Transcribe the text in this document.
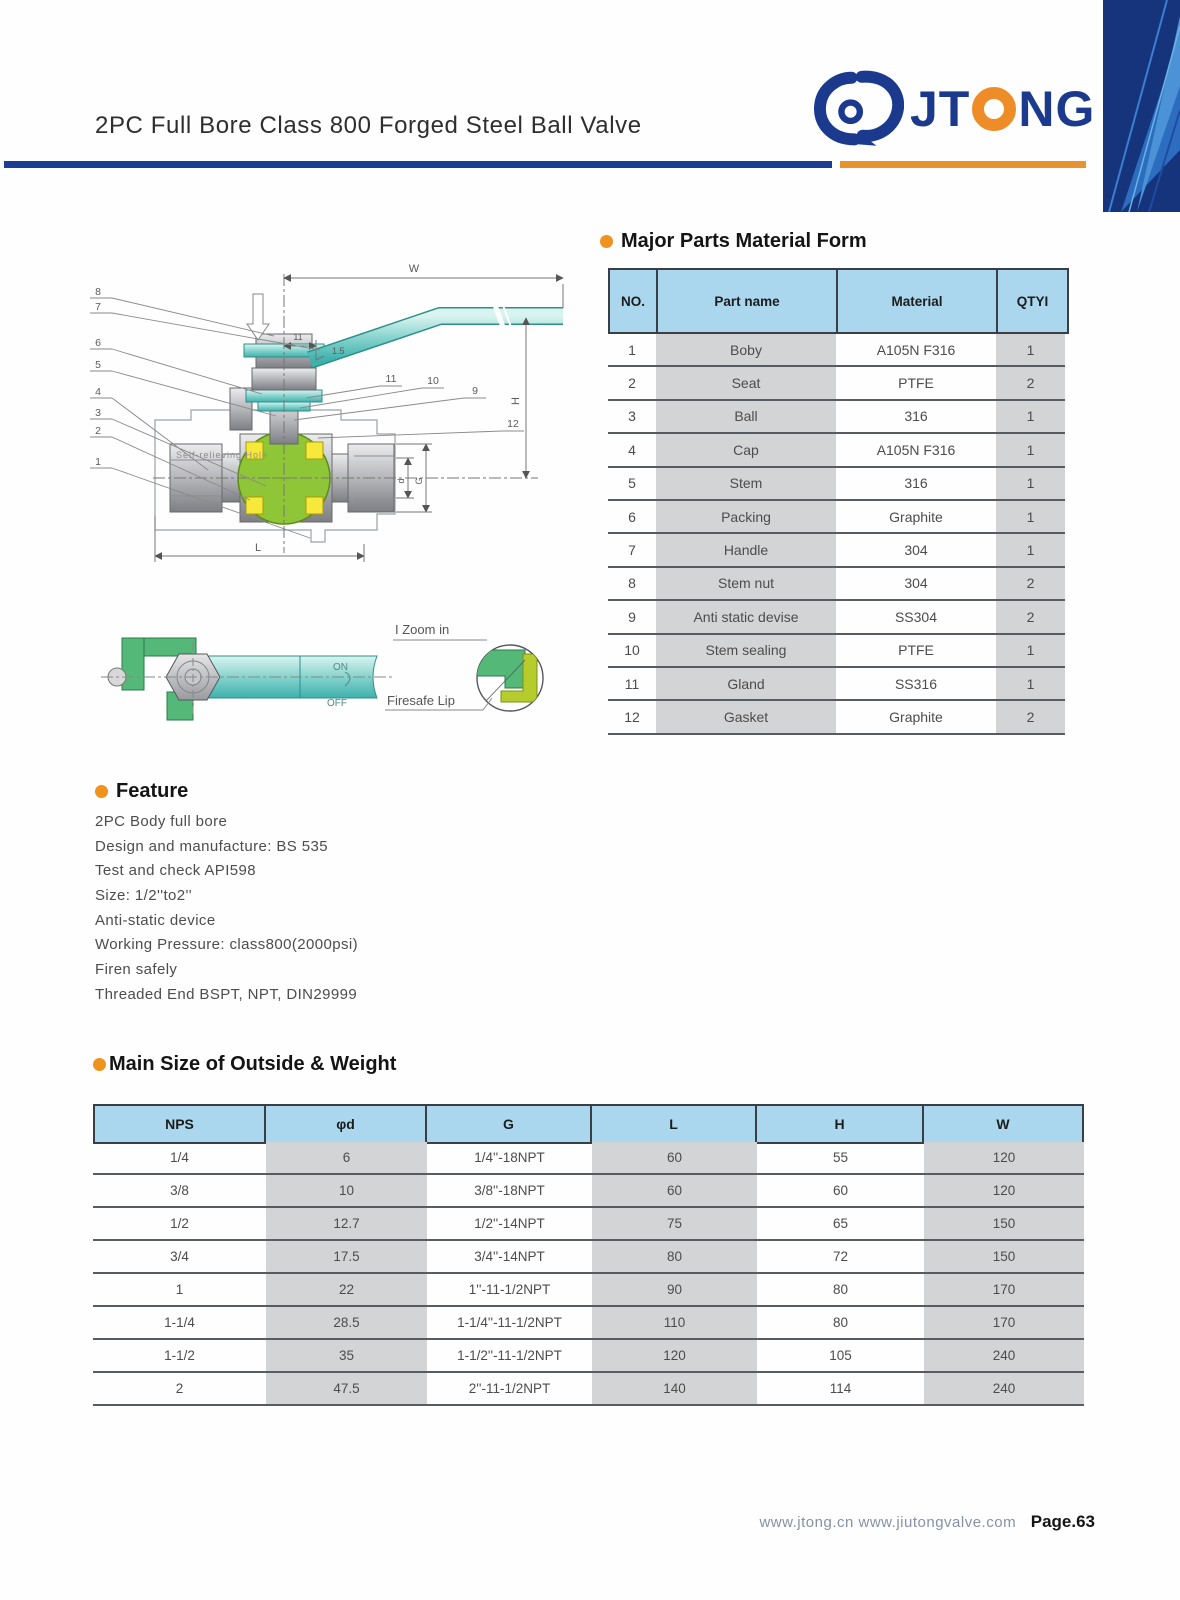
2PC Full Bore Class 800 Forged Steel Ball Valve	JT NG
W
H
L
d G
11
1.5
Self-relieving Hole
8
7
6
5
4
3
2
1
11	10
9
12
ON
OFF
I Zoom in
Firesafe Lip
Major Parts Material Form
NO.	Part name	Material	QTYI
1	Boby	A105N F316	1
2	Seat	PTFE	2
3	Ball	316	1
4	Cap	A105N F316	1
5	Stem	316	1
6	Packing	Graphite	1
7	Handle	304	1
8	Stem nut	304	2
9	Anti static devise	SS304	2
10	Stem sealing	PTFE	1
11	Gland	SS316	1
12	Gasket	Graphite	2
Feature
2PC Body full bore
Design and manufacture: BS 535
Test and check API598
Size: 1/2''to2''
Anti-static device
Working Pressure: class800(2000psi)
Firen safely
Threaded End BSPT, NPT, DIN29999
Main Size of Outside & Weight
NPS	φd	G	L	H	W
1/4	6	1/4''-18NPT	60	55	120
3/8	10	3/8''-18NPT	60	60	120
1/2	12.7	1/2''-14NPT	75	65	150
3/4	17.5	3/4''-14NPT	80	72	150
1	22	1''-11-1/2NPT	90	80	170
1-1/4	28.5	1-1/4''-11-1/2NPT	110	80	170
1-1/2	35	1-1/2''-11-1/2NPT	120	105	240
2	47.5	2''-11-1/2NPT	140	114	240
www.jtong.cn www.jiutongvalve.com Page.63
